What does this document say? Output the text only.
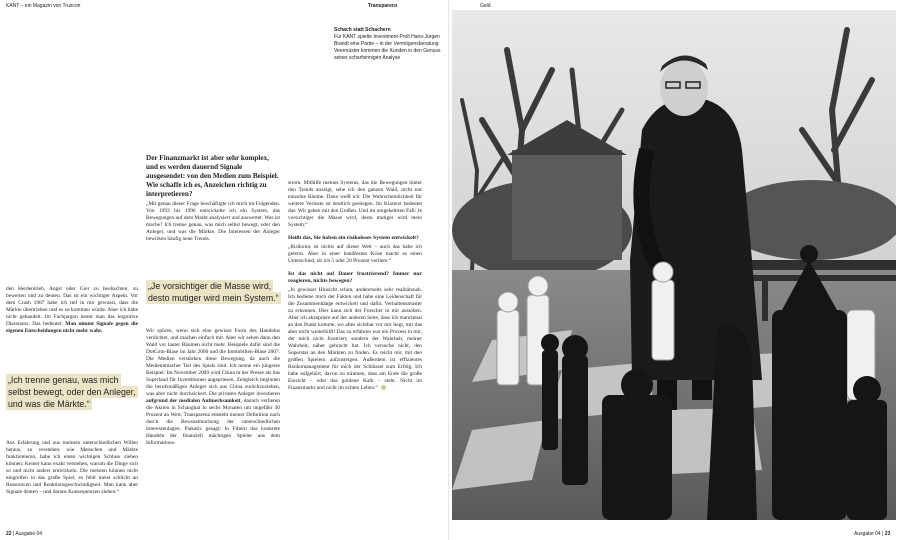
KANT – ein Magazin von Truscon	Transparenz
Schach statt Schachern
Für KANT spielte Investment-Profi Hans-Jürgen Brandt eine Partie – in der Vermögensberatung Veermüster kommen die Kunden in den Genuss seiner scharfsinnigen Analyse

den Herdentrieb, Angst oder Gier zu beobachten, zu bewerten und zu deuten. Das ist ein wichtiger Aspekt. Vor dem Crash 1987 habe ich tief in mir gewusst, dass die Märkte übertrieben und es so kommen würde. Aber ich habe nicht gehandelt. Im Fachjargon nennt man das kognitive Dissonanz. Das bedeutet: Man nimmt Signale gegen die eigenen Entscheidungen nicht mehr wahr.

„Ich trenne genau, was mich selbst bewegt, oder den Anleger, und was die Märkte.“

Aus Erfahrung und aus meinem unterschiedlichen Willen heraus, zu verstehen, wie Menschen und Märkte funktionieren, habe ich einen wichtigen Schluss ziehen können: Keiner kann exakt verstehen, warum die Dinge sich so und nicht anders entwickeln. Die meisten können nicht eingreifen in das große Spiel, es fehlt meist schlicht an Ressourcen und Reaktionsgeschwindigkeit. Man kann aber Signale deuten – und daraus Konsequenzen ziehen.“

Der Finanzmarkt ist aber sehr komplex, und es werden dauernd Signale ausgesendet: von den Medien zum Beispiel. Wie schaffe ich es, Anzeichen richtig zu interpretieren?

„Mit genau dieser Frage beschäftigte ich mich im Folgenden. Von 1992 bis 1996 entwickelte ich ein System, das Bewegungen auf dem Markt analysiert und auswertet. Was ist mache? Ich trenne genau, was mich selbst bewegt, oder den Anleger, und was die Märkte. Die Interessen der Anleger bewirken häufig neue Trends.

„Je vorsichtiger die Masse wird, desto mutiger wird mein System.“

Wir spüren, wenn sich eine gewisse Form des Handelns verdichtet, und machen einfach mit. Aber wir sehen dann den Wald vor lauter Bäumen nicht mehr. Beispiele dafür sind die DotCom-Blase im Jahr 2000 und die Immobilien-Blase 2007. Die Medien verstärken diese Bewegung, da auch die Mediennmacher Teil des Spiels sind. Ich nenne ein jüngeres Beispiel: Im November 2009 wird China in der Presse als das Superland für Investitionen angepriesen. Zeitgleich beginnen die berufsmäßigen Anleger sich aus China zurückzuziehen, was aber nicht durchsickert. Die privaten Anleger investieren aufgrund der medialen Aufmerksamkeit, danach verlieren die Aktien in Schanghai in sechs Monaten um ungefähr 30 Prozent an Wert. Transparenz entsteht meiner Definition nach durch die Bewusstmachung der unterschiedlichen Interessenlagen. Plakativ gesagt: In Filtern das konkrete Handeln der finanziell mächtigen Spieler aus dem Informations-

strom. Mithilfe meines Systems, das die Bewegungen hinter den Trends anzeigt, sehe ich den ganzen Wald, nicht nur einzelne Bäume. Dann weiß ich: Die Wahrscheinlichkeit für weitere Verluste ist deutlich gestiegen. Im Klartext bedeutet das: Wir gehen mit den Großen. Und im umgekehrten Fall: Je vorsichtiger die Masse wird, desto mutiger wird mein System.“

Heißt das, Sie haben ein risikoloses System entwickelt?

„Risikolos ist nichts auf dieser Welt – auch das habe ich gelernt. Aber in einer handfesten Krise macht es einen Unterschied, ob ich 5 oder 20 Prozent verliere.“

Ist das nicht auf Dauer frustrierend? Immer nur reagieren, nichts bewegen?

„In gewisser Hinsicht schon, andererseits sehr realitätsnah. Ich bediene mich der Fakten und habe eine Leidenschaft für die Zusammenhänge entwickelt und dafür, Verhaltensmuster zu erkennen. Hier kann sich der Forscher in mir austoben. Aber ich akzeptiere auf der anderen Seite, dass ich manchmal an den Punkt komme, wo alles sichtbar vor mir liegt, mir das aber nicht weiterhilft! Das zu erfahren war ein Prozess in mir, der mich nicht frustriert, sondern der Wahrheit, meiner Wahrheit, näher gebracht hat. Ich versuche nicht, den Superstar an den Märkten zu finden. Es reicht mir, mit den großen Spielern aufzusteigen. Außerdem ist effizientes Risikomanagement für mich der Schlüssel zum Erfolg. Ich habe aufgehört, davon zu träumen, dass am Ende die große Einsicht – oder das goldene Kalb – steht. Nicht im Finanzmarkt und nicht im echten Leben.“

22 | Ausgabe 04
Geld
Ausgabe 04 | 23
